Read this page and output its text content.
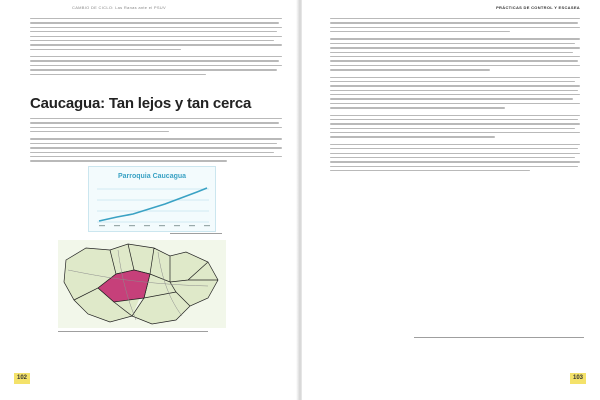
CAMBIO DE CICLO: Las Ranas ante el PSUV
Caucagua: Tan lejos y tan cerca
Parroquia Caucagua
102
PRÁCTICAS DE CONTROL Y ESCASEA
103
